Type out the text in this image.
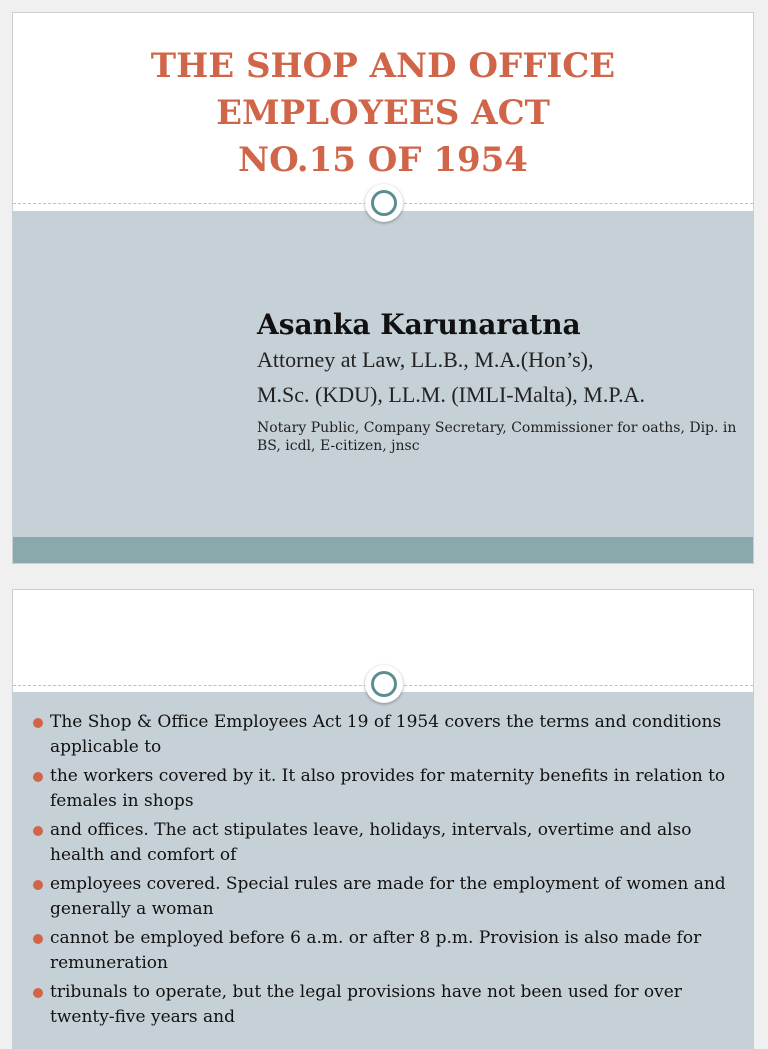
THE SHOP AND OFFICE
EMPLOYEES ACT
NO.15 OF 1954
Asanka Karunaratna
Attorney at Law, LL.B., M.A.(Hon’s),
M.Sc. (KDU), LL.M. (IMLI-Malta), M.P.A.
Notary Public, Company Secretary, Commissioner for oaths, Dip. in BS, icdl, E-citizen, jnsc
The Shop & Office Employees Act 19 of 1954 covers the terms and conditions applicable to
the workers covered by it. It also provides for maternity benefits in relation to females in shops
and offices. The act stipulates leave, holidays, intervals, overtime and also health and comfort of
employees covered. Special rules are made for the employment of women and generally a woman
cannot be employed before 6 a.m. or after 8 p.m. Provision is also made for remuneration
tribunals to operate, but the legal provisions have not been used for over twenty-five years and
